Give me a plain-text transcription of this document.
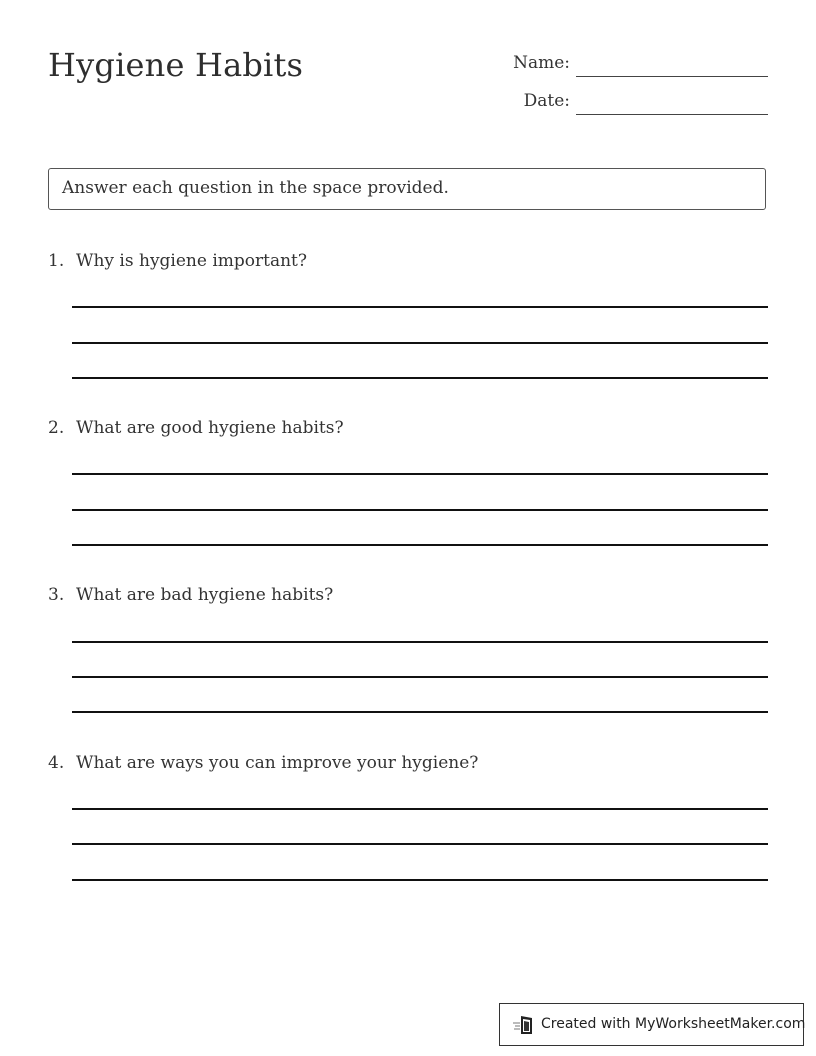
Hygiene Habits	Name:
Date:
Answer each question in the space provided.
1. Why is hygiene important?
2. What are good hygiene habits?
3. What are bad hygiene habits?
4. What are ways you can improve your hygiene?
Created with MyWorksheetMaker.com
